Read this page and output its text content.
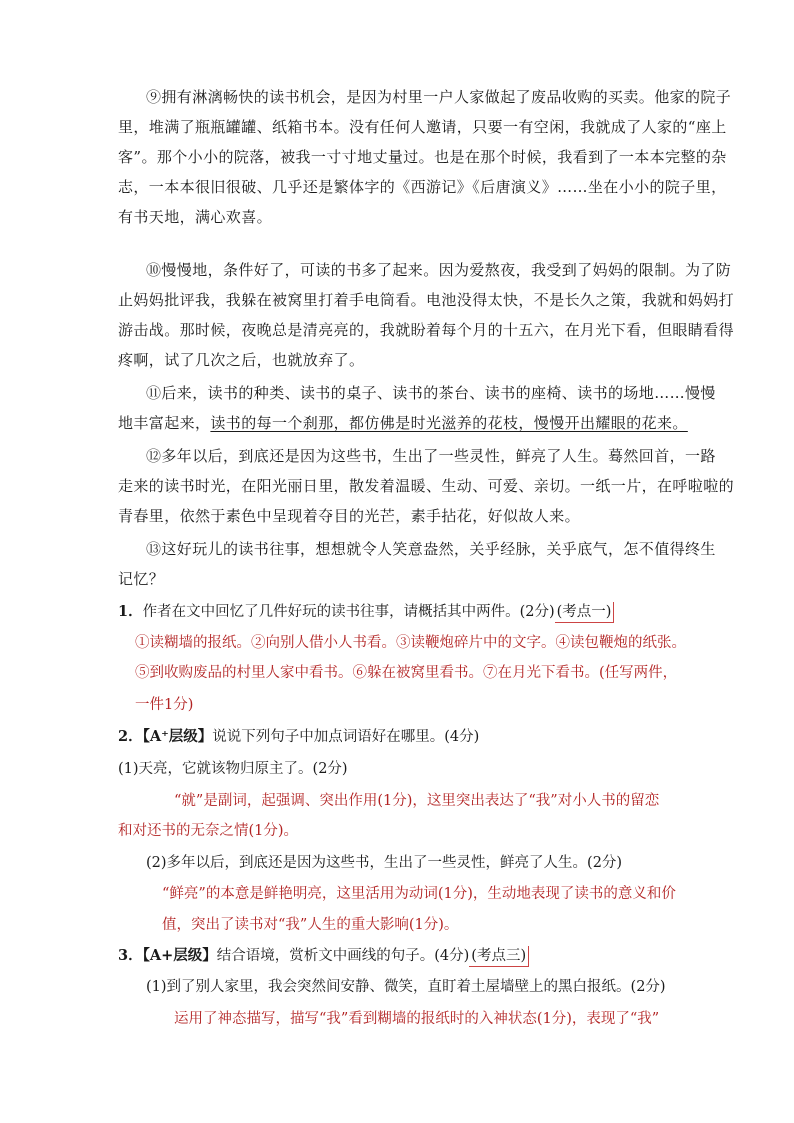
⑨拥有淋漓畅快的读书机会，是因为村里一户人家做起了废品收购的买卖。他家的院子
里，堆满了瓶瓶罐罐、纸箱书本。没有任何人邀请，只要一有空闲，我就成了人家的“座上
客”。那个小小的院落，被我一寸寸地丈量过。也是在那个时候，我看到了一本本完整的杂
志，一本本很旧很破、几乎还是繁体字的《西游记》《后唐演义》……坐在小小的院子里，
有书天地，满心欢喜。
⑩慢慢地，条件好了，可读的书多了起来。因为爱熬夜，我受到了妈妈的限制。为了防
止妈妈批评我，我躲在被窝里打着手电筒看。电池没得太快，不是长久之策，我就和妈妈打
游击战。那时候，夜晚总是清亮亮的，我就盼着每个月的十五六，在月光下看，但眼睛看得
疼啊，试了几次之后，也就放弃了。
⑪后来，读书的种类、读书的桌子、读书的茶台、读书的座椅、读书的场地……慢慢
地丰富起来，读书的每一个刹那，都仿佛是时光滋养的花枝，慢慢开出耀眼的花来。
⑫多年以后，到底还是因为这些书，生出了一些灵性，鲜亮了人生。蓦然回首，一路
走来的读书时光，在阳光丽日里，散发着温暖、生动、可爱、亲切。一纸一片，在呼啦啦的
青春里，依然于素色中呈现着夺目的光芒，素手拈花，好似故人来。
⑬这好玩儿的读书往事，想想就令人笑意盎然，关乎经脉，关乎底气，怎不值得终生
记忆？
1．作者在文中回忆了几件好玩的读书往事，请概括其中两件。(2分) (考点一)
①读糊墙的报纸。②向别人借小人书看。③读鞭炮碎片中的文字。④读包鞭炮的纸张。
⑤到收购废品的村里人家中看书。⑥躲在被窝里看书。⑦在月光下看书。(任写两件，
一件1分)
2．【A⁺层级】说说下列句子中加点词语好在哪里。(4分)
(1)天亮，它就该物归原主了。(2分)
“就”是副词，起强调、突出作用(1分)，这里突出表达了“我”对小人书的留恋
和对还书的无奈之情(1分)。
(2)多年以后，到底还是因为这些书，生出了一些灵性，鲜亮了人生。(2分)
“鲜亮”的本意是鲜艳明亮，这里活用为动词(1分)，生动地表现了读书的意义和价
值，突出了读书对“我”人生的重大影响(1分)。
3．【A+层级】结合语境，赏析文中画线的句子。(4分) (考点三)
(1)到了别人家里，我会突然间安静、微笑，直盯着土屋墙壁上的黑白报纸。(2分)
运用了神态描写，描写“我”看到糊墙的报纸时的入神状态(1分)，表现了“我”
